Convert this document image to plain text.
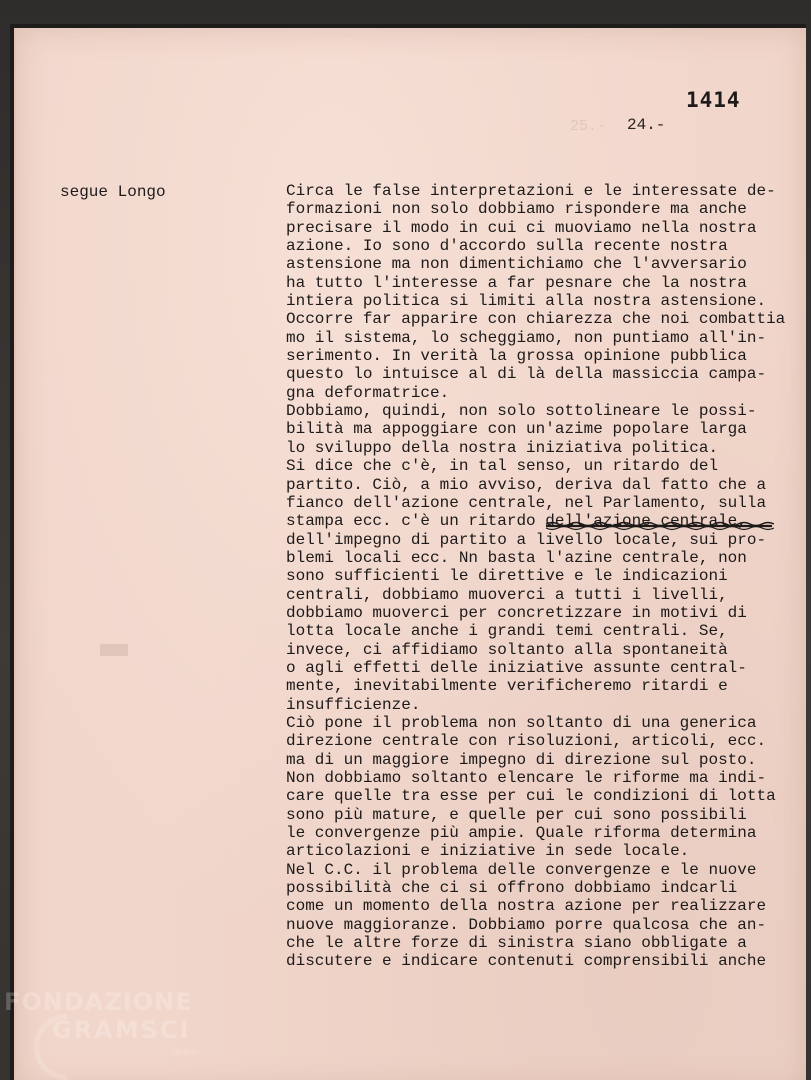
25.-
1414
24.-
segue Longo	Circa le false interpretazioni e le interessate de-
formazioni non solo dobbiamo rispondere ma anche
precisare il modo in cui ci muoviamo nella nostra
azione. Io sono d'accordo sulla recente nostra
astensione ma non dimentichiamo che l'avversario
ha tutto l'interesse a far pesnare che la nostra
intiera politica si limiti alla nostra astensione.
Occorre far apparire con chiarezza che noi combattia
mo il sistema, lo scheggiamo, non puntiamo all'in-
serimento. In verità la grossa opinione pubblica
questo lo intuisce al di là della massiccia campa-
gna deformatrice.
Dobbiamo, quindi, non solo sottolineare le possi-
bilità ma appoggiare con un'azime popolare larga
lo sviluppo della nostra iniziativa politica.
Si dice che c'è, in tal senso, un ritardo del
partito. Ciò, a mio avviso, deriva dal fatto che a
fianco dell'azione centrale, nel Parlamento, sulla
stampa ecc. c'è un ritardo dell'azione centrale,
dell'impegno di partito a livello locale, sui pro-
blemi locali ecc. Nn basta l'azine centrale, non
sono sufficienti le direttive e le indicazioni
centrali, dobbiamo muoverci a tutti i livelli,
dobbiamo muoverci per concretizzare in motivi di
lotta locale anche i grandi temi centrali. Se,
invece, ci affidiamo soltanto alla spontaneità
o agli effetti delle iniziative assunte central-
mente, inevitabilmente verificheremo ritardi e
insufficienze.
Ciò pone il problema non soltanto di una generica
direzione centrale con risoluzioni, articoli, ecc.
ma di un maggiore impegno di direzione sul posto.
Non dobbiamo soltanto elencare le riforme ma indi-
care quelle tra esse per cui le condizioni di lotta
sono più mature, e quelle per cui sono possibili
le convergenze più ampie. Quale riforma determina
articolazioni e iniziative in sede locale.
Nel C.C. il problema delle convergenze e le nuove
possibilità che ci si offrono dobbiamo indcarli
come un momento della nostra azione per realizzare
nuove maggioranze. Dobbiamo porre qualcosa che an-
che le altre forze di sinistra siano obbligate a
discutere e indicare contenuti comprensibili anche
FONDAZIONE
GRAMSCI
onlus
